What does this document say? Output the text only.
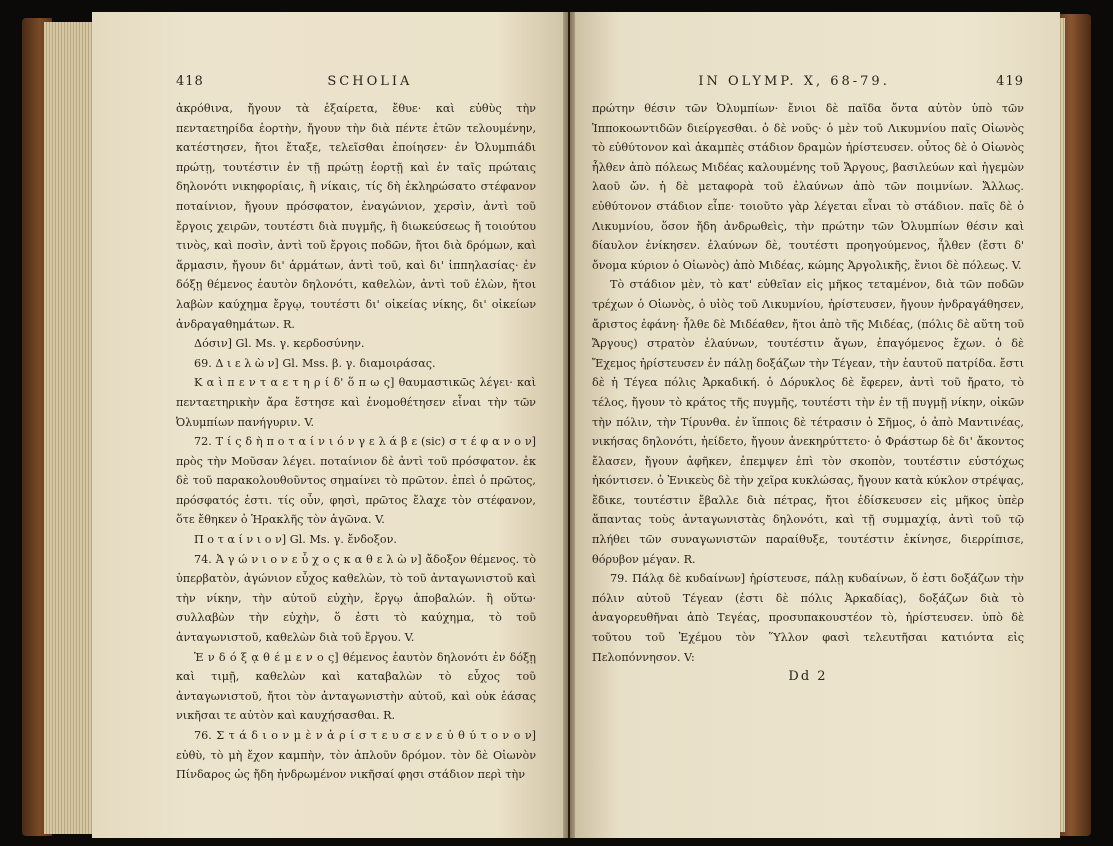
418	SCHOLIA

ἀκρόθινα, ἤγουν τὰ ἐξαίρετα, ἔθυε· καὶ εὐθὺς τὴν πενταετηρίδα ἑορτὴν, ἤγουν τὴν διὰ πέντε ἐτῶν τελουμένην, κατέστησεν, ἤτοι ἔταξε, τελεῖσθαι ἐποίησεν· ἐν Ὀλυμπιάδι πρώτῃ, τουτέστιν ἐν τῇ πρώτῃ ἑορτῇ καὶ ἐν ταῖς πρώταις δηλονότι νικηφορίαις, ἢ νίκαις, τίς δὴ ἐκληρώσατο στέφανον ποταίνιον, ἤγουν πρόσφατον, ἐναγώνιον, χερσὶν, ἀντὶ τοῦ ἔργοις χειρῶν, τουτέστι διὰ πυγμῆς, ἢ διωκεύσεως ἤ τοιούτου τινὸς, καὶ ποσὶν, ἀντὶ τοῦ ἔργοις ποδῶν, ἤτοι διὰ δρόμων, καὶ ἅρμασιν, ἤγουν δι' ἁρμάτων, ἀντὶ τοῦ, καὶ δι' ἱππηλασίας· ἐν δόξῃ θέμενος ἑαυτὸν δηλονότι, καθελὼν, ἀντὶ τοῦ ἑλὼν, ἤτοι λαβὼν καύχημα ἔργῳ, τουτέστι δι' οἰκείας νίκης, δι' οἰκείων ἀνδραγαθημάτων. R.

Δόσιν] Gl. Ms. γ. κερδοσύνην.

69. Δ ι ε λ ὼ ν] Gl. Mss. β. γ. διαμοιράσας.

Κ α ὶ π ε ν τ α ε τ η ρ ί δ' ὅ π ω ς] θαυμαστικῶς λέγει· καὶ πενταετηρικὴν ἄρα ἔστησε καὶ ἐνομοθέτησεν εἶναι τὴν τῶν Ὀλυμπίων πανήγυριν. V.

72. Τ ί ς δ ὴ π ο τ α ί ν ι ό ν γ ε λ ά β ε (sic) σ τ έ φ α ν ο ν] πρὸς τὴν Μοῦσαν λέγει. ποταίνιον δὲ ἀντὶ τοῦ πρόσφατον. ἐκ δὲ τοῦ παρακολουθοῦντος σημαίνει τὸ πρῶτον. ἐπεὶ ὁ πρῶτος, πρόσφατός ἐστι. τίς οὖν, φησὶ, πρῶτος ἔλαχε τὸν στέφανον, ὅτε ἔθηκεν ὁ Ἡρακλῆς τὸν ἀγῶνα. V.

Π ο τ α ί ν ι ο ν] Gl. Ms. γ. ἔνδοξον.

74. Ἀ γ ώ ν ι ο ν ε ὖ χ ο ς κ α θ ε λ ὼ ν] ἄδοξον θέμενος. τὸ ὑπερβατὸν, ἀγώνιον εὖχος καθελὼν, τὸ τοῦ ἀνταγωνιστοῦ καὶ τὴν νίκην, τὴν αὐτοῦ εὐχὴν, ἔργῳ ἀποβαλών. ἢ οὕτω· συλλαβὼν τὴν εὐχὴν, ὅ ἐστι τὸ καύχημα, τὸ τοῦ ἀνταγωνιστοῦ, καθελὼν διὰ τοῦ ἔργου. V.

Ἐ ν δ ό ξ ᾳ θ έ μ ε ν ο ς] θέμενος ἑαυτὸν δηλονότι ἐν δόξῃ καὶ τιμῇ, καθελὼν καὶ καταβαλὼν τὸ εὖχος τοῦ ἀνταγωνιστοῦ, ἤτοι τὸν ἀνταγωνιστὴν αὐτοῦ, καὶ οὐκ ἐάσας νικῆσαι τε αὐτὸν καὶ καυχήσασθαι. R.

76. Σ τ ά δ ι ο ν μ ὲ ν ἀ ρ ί σ τ ε υ σ ε ν ε ὐ θ ύ τ ο ν ο ν] εὐθὺ, τὸ μὴ ἔχον καμπὴν, τὸν ἁπλοῦν δρόμον. τὸν δὲ Οἰωνὸν Πίνδαρος ὡς ἤδη ἠνδρωμένον νικῆσαί φησι στάδιον περὶ τὴν

IN OLYMP. X, 68-79.	419

πρώτην θέσιν τῶν Ὀλυμπίων· ἔνιοι δὲ παῖδα ὄντα αὐτὸν ὑπὸ τῶν Ἱπποκοωντιδῶν διείργεσθαι. ὁ δὲ νοῦς· ὁ μὲν τοῦ Λικυμνίου παῖς Οἰωνὸς τὸ εὐθύτονον καὶ ἀκαμπὲς στάδιον δραμὼν ἠρίστευσεν. οὗτος δὲ ὁ Οἰωνὸς ἦλθεν ἀπὸ πόλεως Μιδέας καλουμένης τοῦ Ἄργους, βασιλεύων καὶ ἡγεμὼν λαοῦ ὤν. ἡ δὲ μεταφορὰ τοῦ ἐλαύνων ἀπὸ τῶν ποιμνίων. Ἄλλως. εὐθύτονον στάδιον εἶπε· τοιοῦτο γὰρ λέγεται εἶναι τὸ στάδιον. παῖς δὲ ὁ Λικυμνίου, ὅσον ἤδη ἀνδρωθεὶς, τὴν πρώτην τῶν Ὀλυμπίων θέσιν καὶ δίαυλον ἐνίκησεν. ἐλαύνων δὲ, τουτέστι προηγούμενος, ἦλθεν (ἔστι δ' ὄνομα κύριον ὁ Οἰωνὸς) ἀπὸ Μιδέας, κώμης Ἀργολικῆς, ἔνιοι δὲ πόλεως. V.

Τὸ στάδιον μὲν, τὸ κατ' εὐθεῖαν εἰς μῆκος τεταμένον, διὰ τῶν ποδῶν τρέχων ὁ Οἰωνὸς, ὁ υἱὸς τοῦ Λικυμνίου, ἠρίστευσεν, ἤγουν ἠνδραγάθησεν, ἄριστος ἐφάνη· ἦλθε δὲ Μιδέαθεν, ἤτοι ἀπὸ τῆς Μιδέας, (πόλις δὲ αὕτη τοῦ Ἄργους) στρατὸν ἐλαύνων, τουτέστιν ἄγων, ἐπαγόμενος ἔχων. ὁ δὲ Ἔχεμος ἠρίστευσεν ἐν πάλῃ δοξάζων τὴν Τέγεαν, τὴν ἑαυτοῦ πατρίδα. ἔστι δὲ ἡ Τέγεα πόλις Ἀρκαδική. ὁ Δόρυκλος δὲ ἔφερεν, ἀντὶ τοῦ ἤρατο, τὸ τέλος, ἤγουν τὸ κράτος τῆς πυγμῆς, τουτέστι τὴν ἐν τῇ πυγμῇ νίκην, οἰκῶν τὴν πόλιν, τὴν Τίρυνθα. ἐν ἵπποις δὲ τέτρασιν ὁ Σῆμος, ὁ ἀπὸ Μαντινέας, νικήσας δηλονότι, ἠείδετο, ἤγουν ἀνεκηρύττετο· ὁ Φράστωρ δὲ δι' ἄκοντος ἔλασεν, ἤγουν ἀφῆκεν, ἐπεμψεν ἐπὶ τὸν σκοπὸν, τουτέστιν εὐστόχως ἠκόντισεν. ὁ Ἐνικεὺς δὲ τὴν χεῖρα κυκλώσας, ἤγουν κατὰ κύκλον στρέψας, ἔδικε, τουτέστιν ἔβαλλε διὰ πέτρας, ἤτοι ἐδίσκευσεν εἰς μῆκος ὑπὲρ ἅπαντας τοὺς ἀνταγωνιστὰς δηλονότι, καὶ τῇ συμμαχίᾳ, ἀντὶ τοῦ τῷ πλήθει τῶν συναγωνιστῶν παραίθυξε, τουτέστιν ἐκίνησε, διερρίπισε, θόρυβον μέγαν. R.

79. Πάλᾳ δὲ κυδαίνων] ἠρίστευσε, πάλῃ κυδαίνων, ὅ ἐστι δοξάζων τὴν πόλιν αὐτοῦ Τέγεαν (ἐστι δὲ πόλις Ἀρκαδίας), δοξάζων διὰ τὸ ἀναγορευθῆναι ἀπὸ Τεγέας, προσυπακουστέον τὸ, ἠρίστευσεν. ὑπὸ δὲ τοῦτου τοῦ Ἐχέμου τὸν Ὕλλον φασὶ τελευτῆσαι κατιόντα εἰς Πελοπόννησον. V:

Dd 2
